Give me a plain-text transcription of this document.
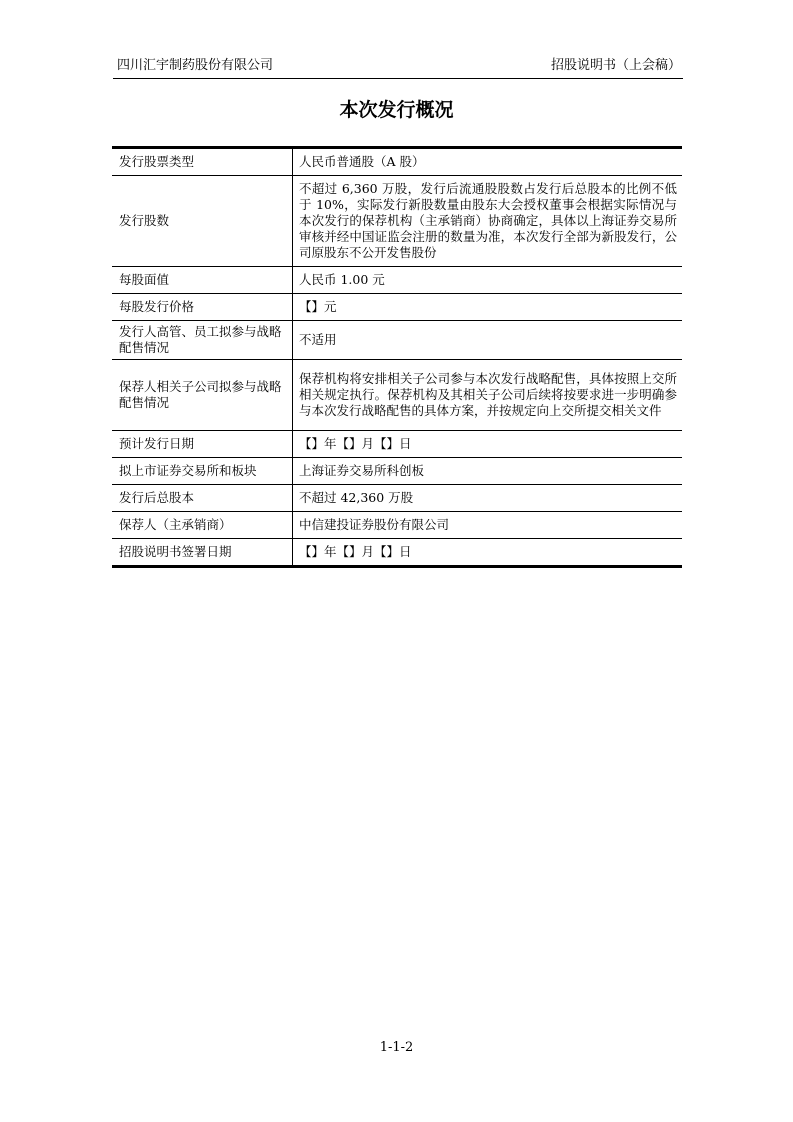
四川汇宇制药股份有限公司	招股说明书（上会稿）
本次发行概况
发行股票类型	人民币普通股（A 股）
发行股数	不超过 6,360 万股，发行后流通股股数占发行后总股本的比例不低于 10%，实际发行新股数量由股东大会授权董事会根据实际情况与本次发行的保荐机构（主承销商）协商确定，具体以上海证券交易所审核并经中国证监会注册的数量为准，本次发行全部为新股发行，公司原股东不公开发售股份
每股面值	人民币 1.00 元
每股发行价格	【】元
发行人高管、员工拟参与战略配售情况	不适用
保荐人相关子公司拟参与战略配售情况	保荐机构将安排相关子公司参与本次发行战略配售，具体按照上交所相关规定执行。保荐机构及其相关子公司后续将按要求进一步明确参与本次发行战略配售的具体方案，并按规定向上交所提交相关文件
预计发行日期	【】年【】月【】日
拟上市证券交易所和板块	上海证券交易所科创板
发行后总股本	不超过 42,360 万股
保荐人（主承销商）	中信建投证券股份有限公司
招股说明书签署日期	【】年【】月【】日
1-1-2
